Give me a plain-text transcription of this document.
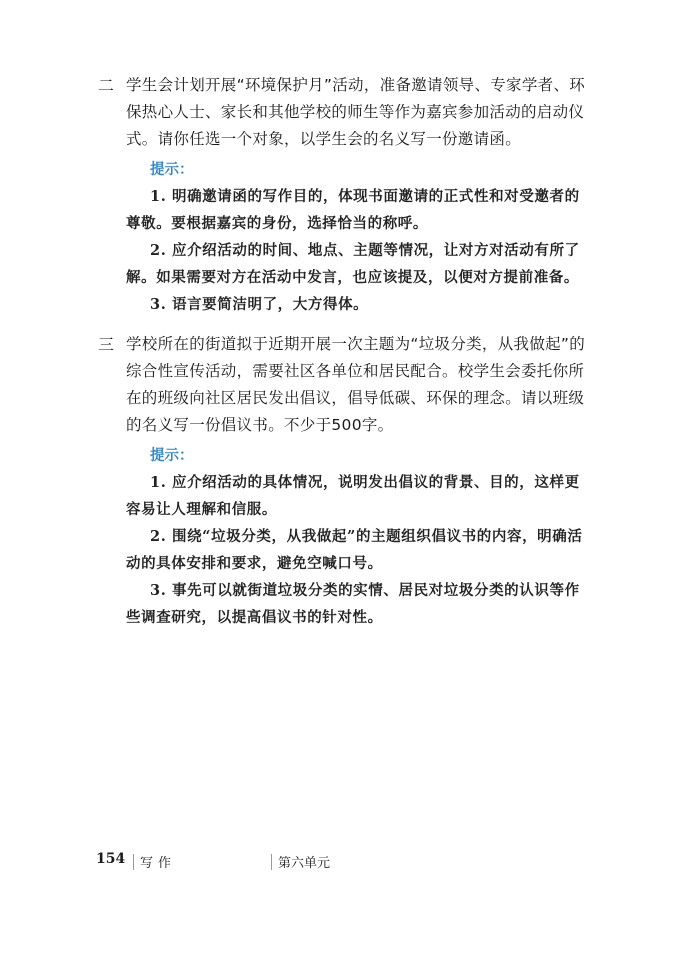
二 学生会计划开展“环境保护月”活动，准备邀请领导、专家学者、环保热心人士、家长和其他学校的师生等作为嘉宾参加活动的启动仪式。请你任选一个对象，以学生会的名义写一份邀请函。
提示：
1. 明确邀请函的写作目的，体现书面邀请的正式性和对受邀者的尊敬。要根据嘉宾的身份，选择恰当的称呼。
2. 应介绍活动的时间、地点、主题等情况，让对方对活动有所了解。如果需要对方在活动中发言，也应该提及，以便对方提前准备。
3. 语言要简洁明了，大方得体。
三 学校所在的街道拟于近期开展一次主题为“垃圾分类，从我做起”的综合性宣传活动，需要社区各单位和居民配合。校学生会委托你所在的班级向社区居民发出倡议，倡导低碳、环保的理念。请以班级的名义写一份倡议书。不少于500字。
提示：
1. 应介绍活动的具体情况，说明发出倡议的背景、目的，这样更容易让人理解和信服。
2. 围绕“垃圾分类，从我做起”的主题组织倡议书的内容，明确活动的具体安排和要求，避免空喊口号。
3. 事先可以就街道垃圾分类的实情、居民对垃圾分类的认识等作些调查研究，以提高倡议书的针对性。
154 写作	第六单元
